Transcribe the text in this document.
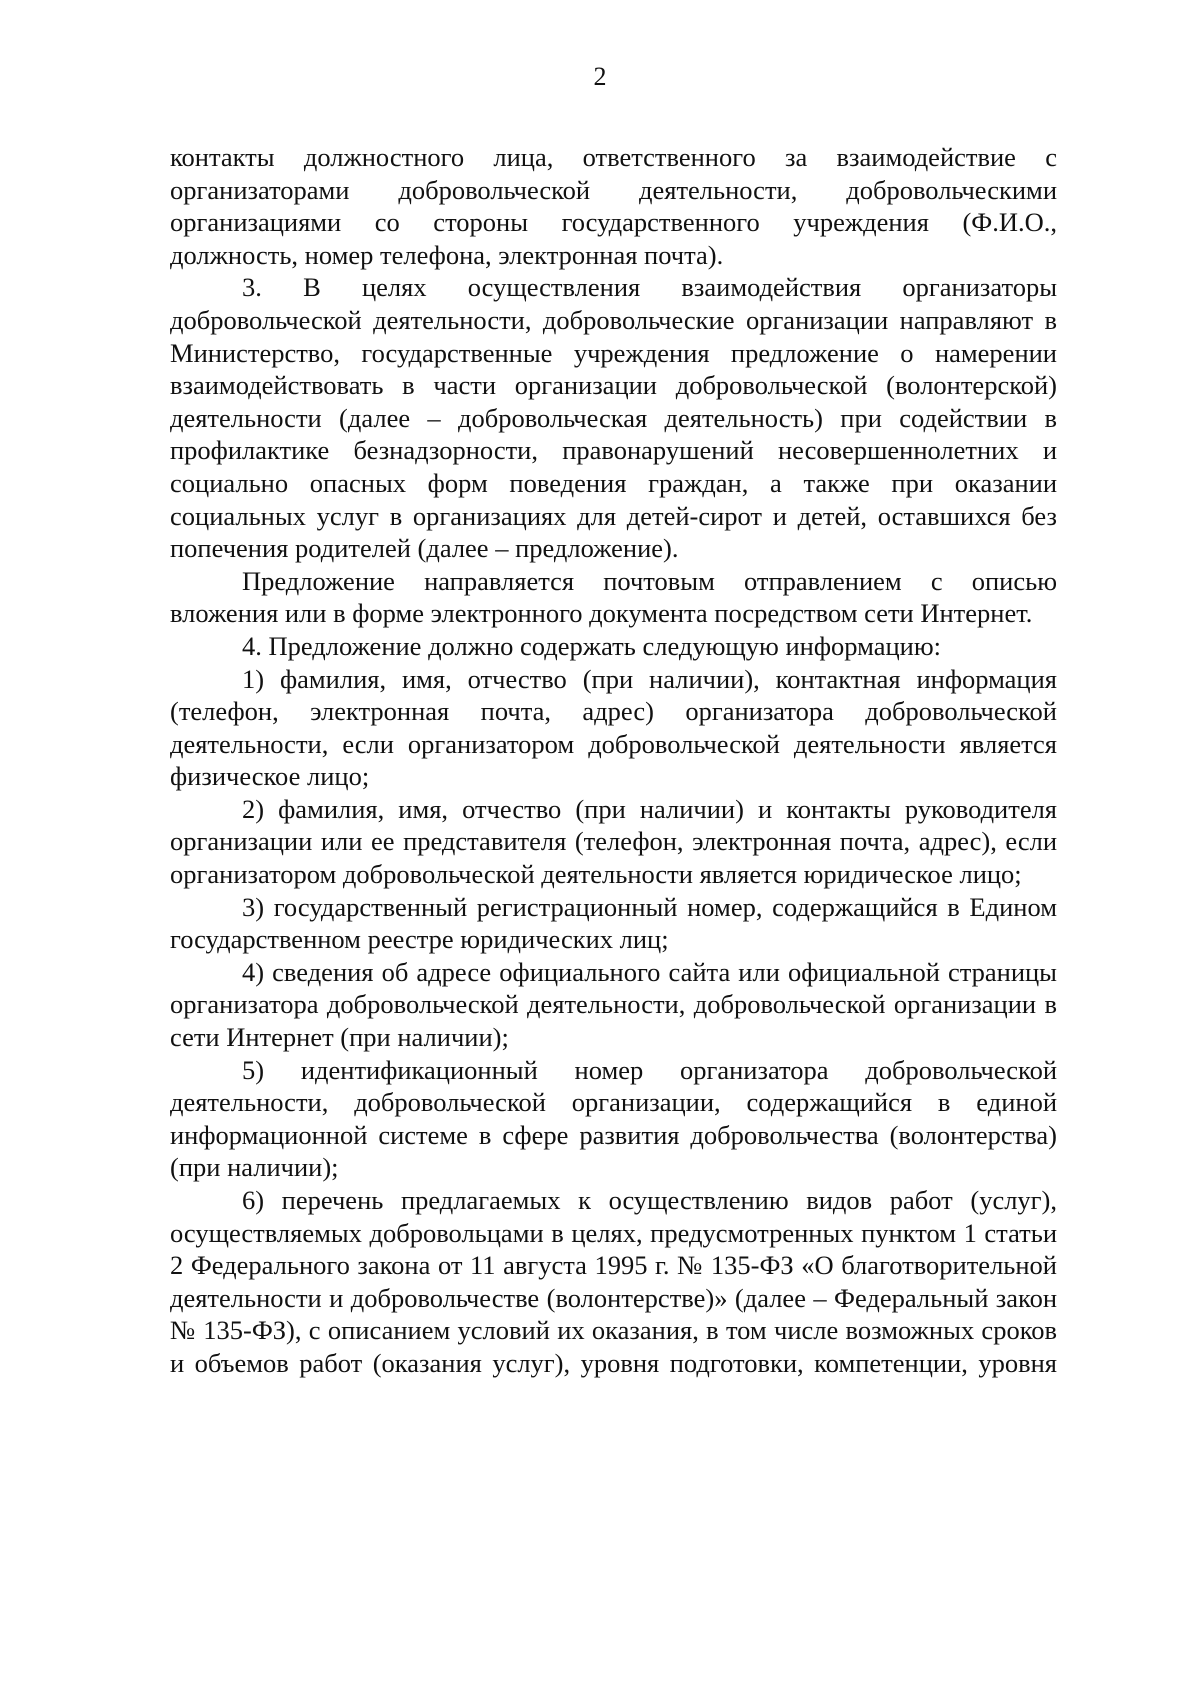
2

контакты должностного лица, ответственного за взаимодействие с организаторами добровольческой деятельности, добровольческими организациями со стороны государственного учреждения (Ф.И.О., должность, номер телефона, электронная почта).

3. В целях осуществления взаимодействия организаторы добровольческой деятельности, добровольческие организации направляют в Министерство, государственные учреждения предложение о намерении взаимодействовать в части организации добровольческой (волонтерской) деятельности (далее – добровольческая деятельность) при содействии в профилактике безнадзорности, правонарушений несовершеннолетних и социально опасных форм поведения граждан, а также при оказании социальных услуг в организациях для детей-сирот и детей, оставшихся без попечения родителей (далее – предложение).

Предложение направляется почтовым отправлением с описью вложения или в форме электронного документа посредством сети Интернет.

4. Предложение должно содержать следующую информацию:

1) фамилия, имя, отчество (при наличии), контактная информация (телефон, электронная почта, адрес) организатора добровольческой деятельности, если организатором добровольческой деятельности является физическое лицо;

2) фамилия, имя, отчество (при наличии) и контакты руководителя организации или ее представителя (телефон, электронная почта, адрес), если организатором добровольческой деятельности является юридическое лицо;

3) государственный регистрационный номер, содержащийся в Едином государственном реестре юридических лиц;

4) сведения об адресе официального сайта или официальной страницы организатора добровольческой деятельности, добровольческой организации в сети Интернет (при наличии);

5) идентификационный номер организатора добровольческой деятельности, добровольческой организации, содержащийся в единой информационной системе в сфере развития добровольчества (волонтерства) (при наличии);

6) перечень предлагаемых к осуществлению видов работ (услуг), осуществляемых добровольцами в целях, предусмотренных пунктом 1 статьи 2 Федерального закона от 11 августа 1995 г. № 135-ФЗ «О благотворительной деятельности и добровольчестве (волонтерстве)» (далее – Федеральный закон № 135-ФЗ), с описанием условий их оказания, в том числе возможных сроков и объемов работ (оказания услуг), уровня подготовки, компетенции, уровня
